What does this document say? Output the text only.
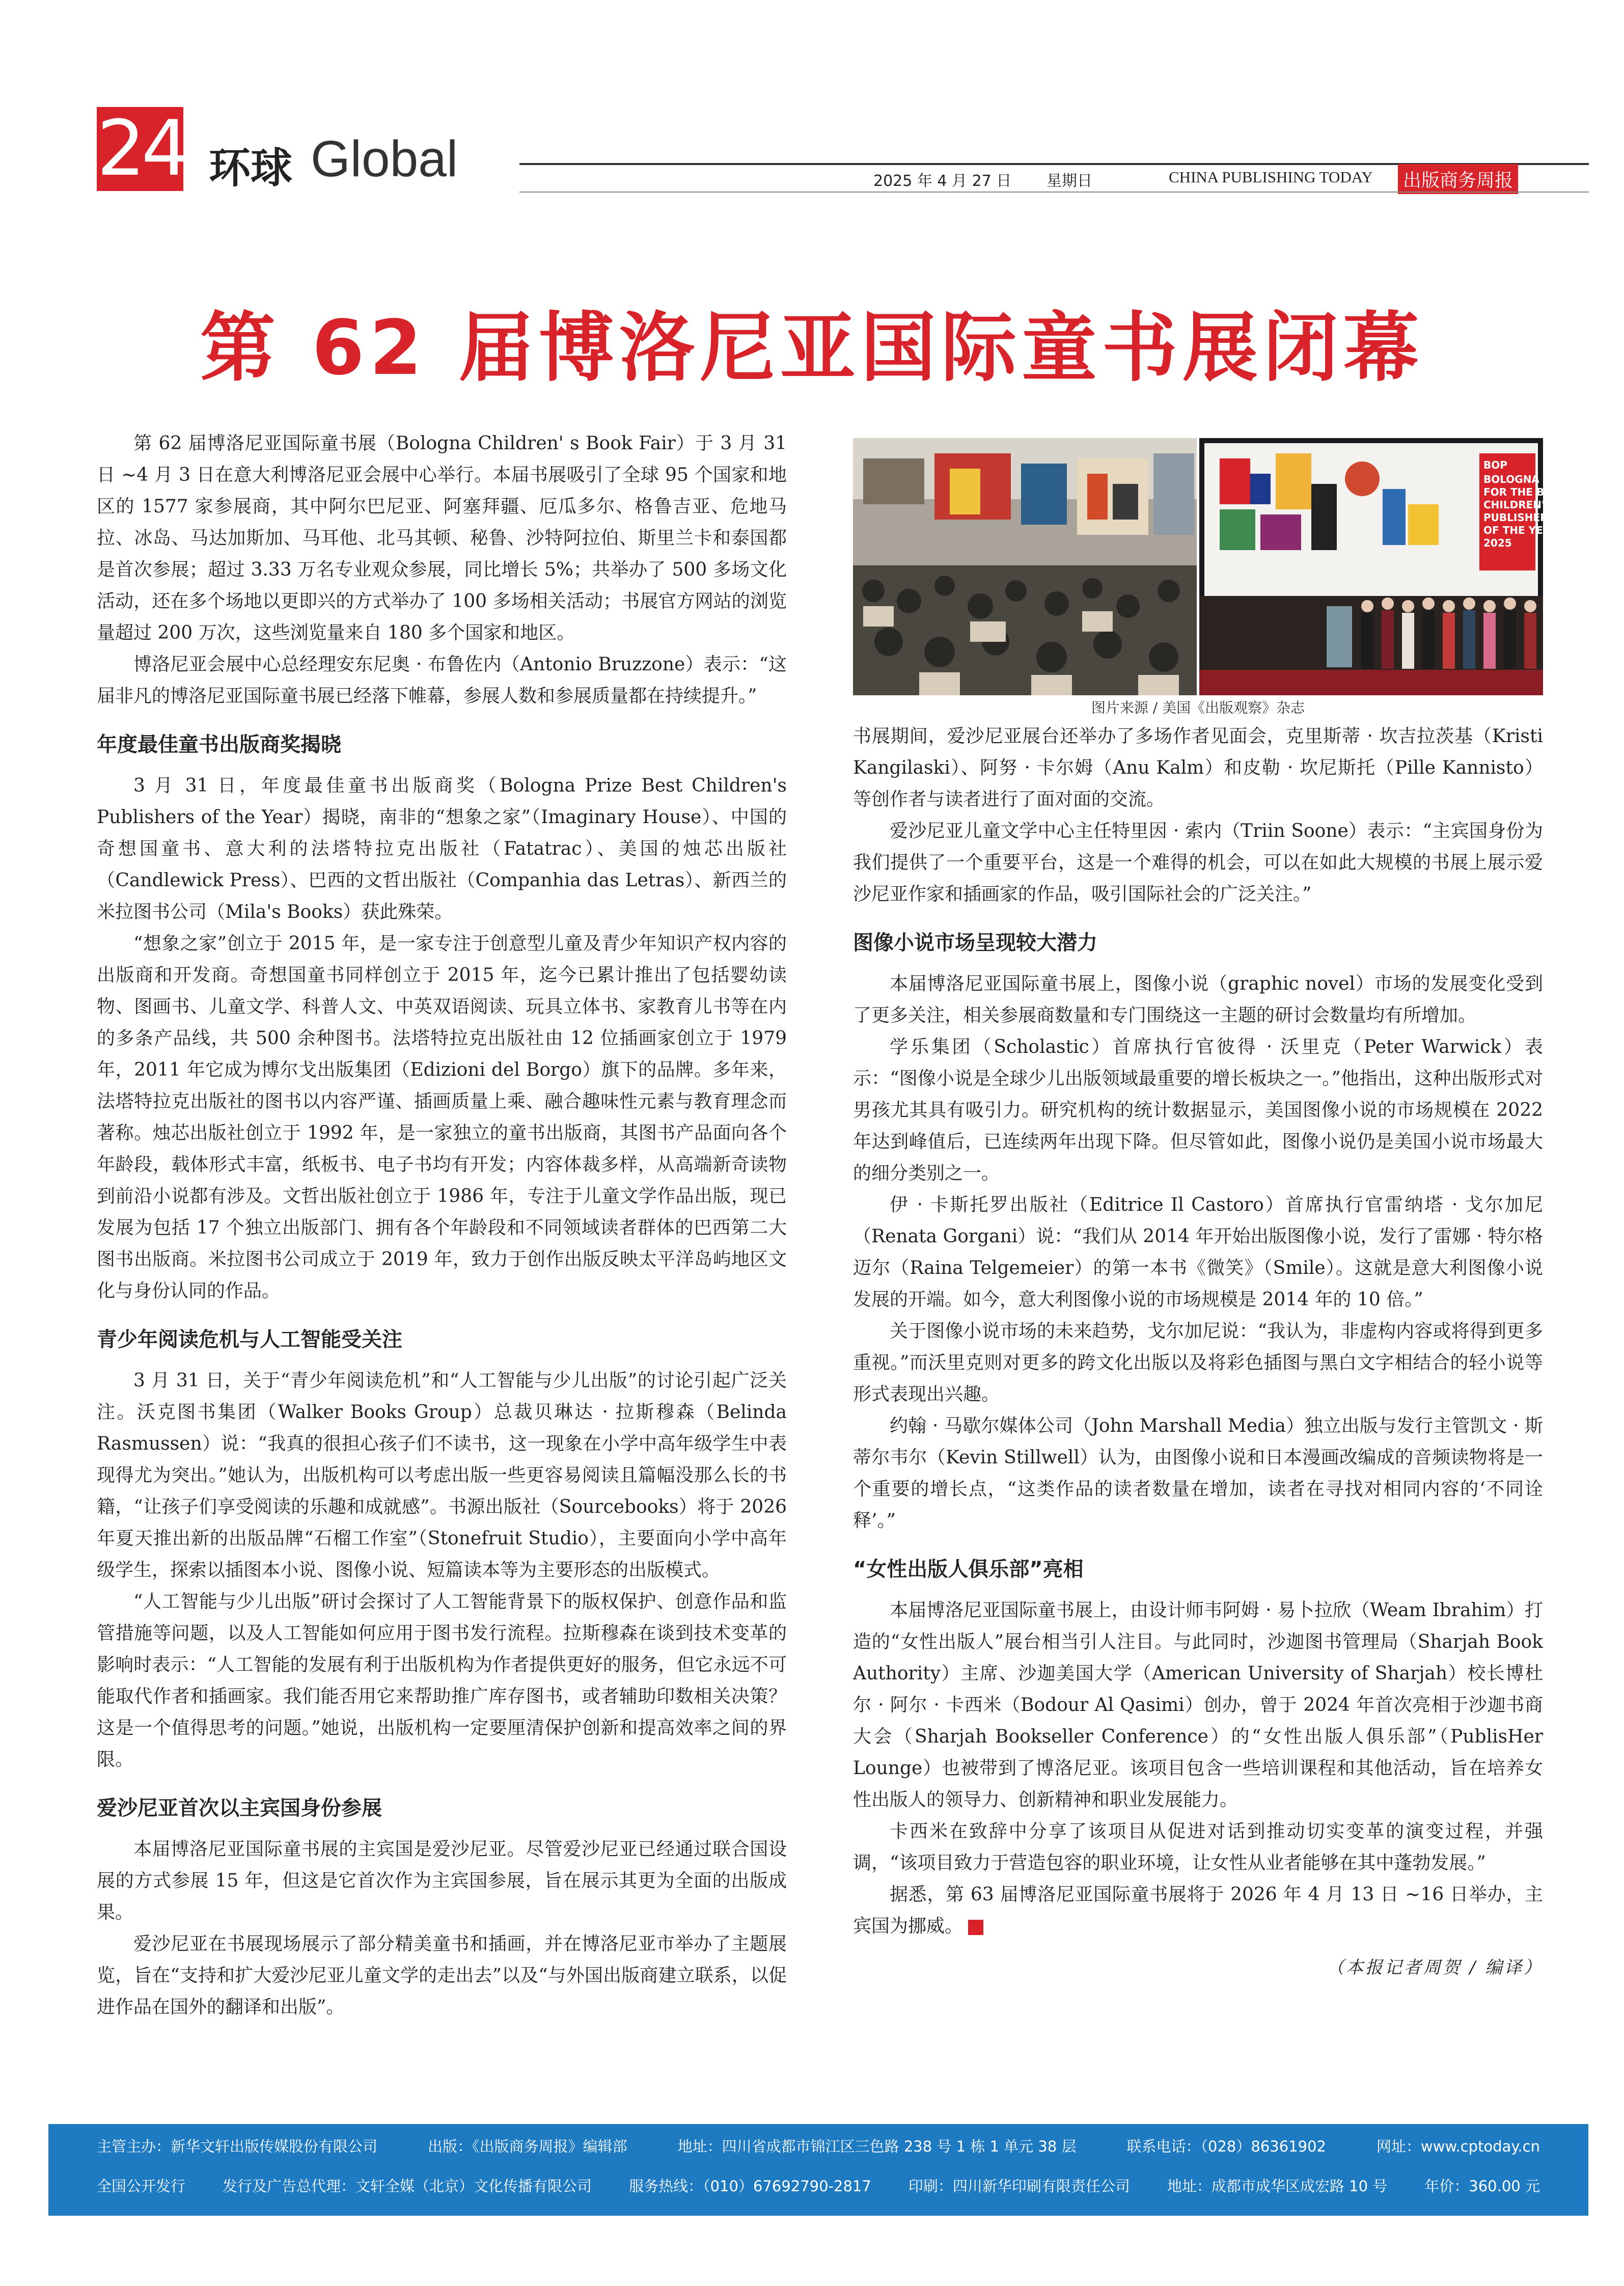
24 环球 Global	2025 年 4 月 27 日 星期日	CHINA PUBLISHING TODAY 出版商务周报
第 62 届博洛尼亚国际童书展闭幕

第 62 届博洛尼亚国际童书展（Bologna Children' s Book Fair）于 3 月 31 日 ~4 月 3 日在意大利博洛尼亚会展中心举行。本届书展吸引了全球 95 个国家和地区的 1577 家参展商，其中阿尔巴尼亚、阿塞拜疆、厄瓜多尔、格鲁吉亚、危地马拉、冰岛、马达加斯加、马耳他、北马其顿、秘鲁、沙特阿拉伯、斯里兰卡和泰国都是首次参展；超过 3.33 万名专业观众参展，同比增长 5%；共举办了 500 多场文化活动，还在多个场地以更即兴的方式举办了 100 多场相关活动；书展官方网站的浏览量超过 200 万次，这些浏览量来自 180 多个国家和地区。

博洛尼亚会展中心总经理安东尼奥 · 布鲁佐内（Antonio Bruzzone）表示：“这届非凡的博洛尼亚国际童书展已经落下帷幕，参展人数和参展质量都在持续提升。”

年度最佳童书出版商奖揭晓

3 月 31 日，年度最佳童书出版商奖（Bologna Prize Best Children's Publishers of the Year）揭晓，南非的“想象之家”（Imaginary House）、中国的奇想国童书、意大利的法塔特拉克出版社（Fatatrac）、美国的烛芯出版社（Candlewick Press）、巴西的文哲出版社（Companhia das Letras）、新西兰的米拉图书公司（Mila's Books）获此殊荣。

“想象之家”创立于 2015 年，是一家专注于创意型儿童及青少年知识产权内容的出版商和开发商。奇想国童书同样创立于 2015 年，迄今已累计推出了包括婴幼读物、图画书、儿童文学、科普人文、中英双语阅读、玩具立体书、家教育儿书等在内的多条产品线，共 500 余种图书。法塔特拉克出版社由 12 位插画家创立于 1979 年，2011 年它成为博尔戈出版集团（Edizioni del Borgo）旗下的品牌。多年来，法塔特拉克出版社的图书以内容严谨、插画质量上乘、融合趣味性元素与教育理念而著称。烛芯出版社创立于 1992 年，是一家独立的童书出版商，其图书产品面向各个年龄段，载体形式丰富，纸板书、电子书均有开发；内容体裁多样，从高端新奇读物到前沿小说都有涉及。文哲出版社创立于 1986 年，专注于儿童文学作品出版，现已发展为包括 17 个独立出版部门、拥有各个年龄段和不同领域读者群体的巴西第二大图书出版商。米拉图书公司成立于 2019 年，致力于创作出版反映太平洋岛屿地区文化与身份认同的作品。

青少年阅读危机与人工智能受关注

3 月 31 日，关于“青少年阅读危机”和“人工智能与少儿出版”的讨论引起广泛关注。沃克图书集团（Walker Books Group）总裁贝琳达 · 拉斯穆森（Belinda Rasmussen）说：“我真的很担心孩子们不读书，这一现象在小学中高年级学生中表现得尤为突出。”她认为，出版机构可以考虑出版一些更容易阅读且篇幅没那么长的书籍，“让孩子们享受阅读的乐趣和成就感”。书源出版社（Sourcebooks）将于 2026 年夏天推出新的出版品牌“石榴工作室”（Stonefruit Studio），主要面向小学中高年级学生，探索以插图本小说、图像小说、短篇读本等为主要形态的出版模式。

“人工智能与少儿出版”研讨会探讨了人工智能背景下的版权保护、创意作品和监管措施等问题，以及人工智能如何应用于图书发行流程。拉斯穆森在谈到技术变革的影响时表示：“人工智能的发展有利于出版机构为作者提供更好的服务，但它永远不可能取代作者和插画家。我们能否用它来帮助推广库存图书，或者辅助印数相关决策？这是一个值得思考的问题。”她说，出版机构一定要厘清保护创新和提高效率之间的界限。

爱沙尼亚首次以主宾国身份参展

本届博洛尼亚国际童书展的主宾国是爱沙尼亚。尽管爱沙尼亚已经通过联合国设展的方式参展 15 年，但这是它首次作为主宾国参展，旨在展示其更为全面的出版成果。

爱沙尼亚在书展现场展示了部分精美童书和插画，并在博洛尼亚市举办了主题展览，旨在“支持和扩大爱沙尼亚儿童文学的走出去”以及“与外国出版商建立联系，以促进作品在国外的翻译和出版”。

BOP
BOLOGNA PRIZE
FOR THE BEST
CHILDREN'S
PUBLISHERS
OF THE YEAR
2025
图片来源 / 美国《出版观察》杂志

书展期间，爱沙尼亚展台还举办了多场作者见面会，克里斯蒂 · 坎吉拉茨基（Kristi Kangilaski）、阿努 · 卡尔姆（Anu Kalm）和皮勒 · 坎尼斯托（Pille Kannisto）等创作者与读者进行了面对面的交流。

爱沙尼亚儿童文学中心主任特里因 · 索内（Triin Soone）表示：“主宾国身份为我们提供了一个重要平台，这是一个难得的机会，可以在如此大规模的书展上展示爱沙尼亚作家和插画家的作品，吸引国际社会的广泛关注。”

图像小说市场呈现较大潜力

本届博洛尼亚国际童书展上，图像小说（graphic novel）市场的发展变化受到了更多关注，相关参展商数量和专门围绕这一主题的研讨会数量均有所增加。

学乐集团（Scholastic）首席执行官彼得 · 沃里克（Peter Warwick）表示：“图像小说是全球少儿出版领域最重要的增长板块之一。”他指出，这种出版形式对男孩尤其具有吸引力。研究机构的统计数据显示，美国图像小说的市场规模在 2022 年达到峰值后，已连续两年出现下降。但尽管如此，图像小说仍是美国小说市场最大的细分类别之一。

伊 · 卡斯托罗出版社（Editrice Il Castoro）首席执行官雷纳塔 · 戈尔加尼（Renata Gorgani）说：“我们从 2014 年开始出版图像小说，发行了雷娜 · 特尔格迈尔（Raina Telgemeier）的第一本书《微笑》（Smile）。这就是意大利图像小说发展的开端。如今，意大利图像小说的市场规模是 2014 年的 10 倍。”

关于图像小说市场的未来趋势，戈尔加尼说：“我认为，非虚构内容或将得到更多重视。”而沃里克则对更多的跨文化出版以及将彩色插图与黑白文字相结合的轻小说等形式表现出兴趣。

约翰 · 马歇尔媒体公司（John Marshall Media）独立出版与发行主管凯文 · 斯蒂尔韦尔（Kevin Stillwell）认为，由图像小说和日本漫画改编成的音频读物将是一个重要的增长点，“这类作品的读者数量在增加，读者在寻找对相同内容的‘不同诠释’。”

“女性出版人俱乐部”亮相

本届博洛尼亚国际童书展上，由设计师韦阿姆 · 易卜拉欣（Weam Ibrahim）打造的“女性出版人”展台相当引人注目。与此同时，沙迦图书管理局（Sharjah Book Authority）主席、沙迦美国大学（American University of Sharjah）校长博杜尔 · 阿尔 · 卡西米（Bodour Al Qasimi）创办，曾于 2024 年首次亮相于沙迦书商大会（Sharjah Bookseller Conference）的“女性出版人俱乐部”（PublisHer Lounge）也被带到了博洛尼亚。该项目包含一些培训课程和其他活动，旨在培养女性出版人的领导力、创新精神和职业发展能力。

卡西米在致辞中分享了该项目从促进对话到推动切实变革的演变过程，并强调，“该项目致力于营造包容的职业环境，让女性从业者能够在其中蓬勃发展。”

据悉，第 63 届博洛尼亚国际童书展将于 2026 年 4 月 13 日 ~16 日举办，主宾国为挪威。	E

（本报记者周贺 / 编译）
主管主办：新华文轩出版传媒股份有限公司	出版：《出版商务周报》编辑部	地址：四川省成都市锦江区三色路 238 号 1 栋 1 单元 38 层	联系电话：（028）86361902	网址：www.cptoday.cn
全国公开发行	发行及广告总代理：文轩全媒（北京）文化传播有限公司	服务热线：（010）67692790-2817	印刷：四川新华印刷有限责任公司	地址：成都市成华区成宏路 10 号	年价：360.00 元
